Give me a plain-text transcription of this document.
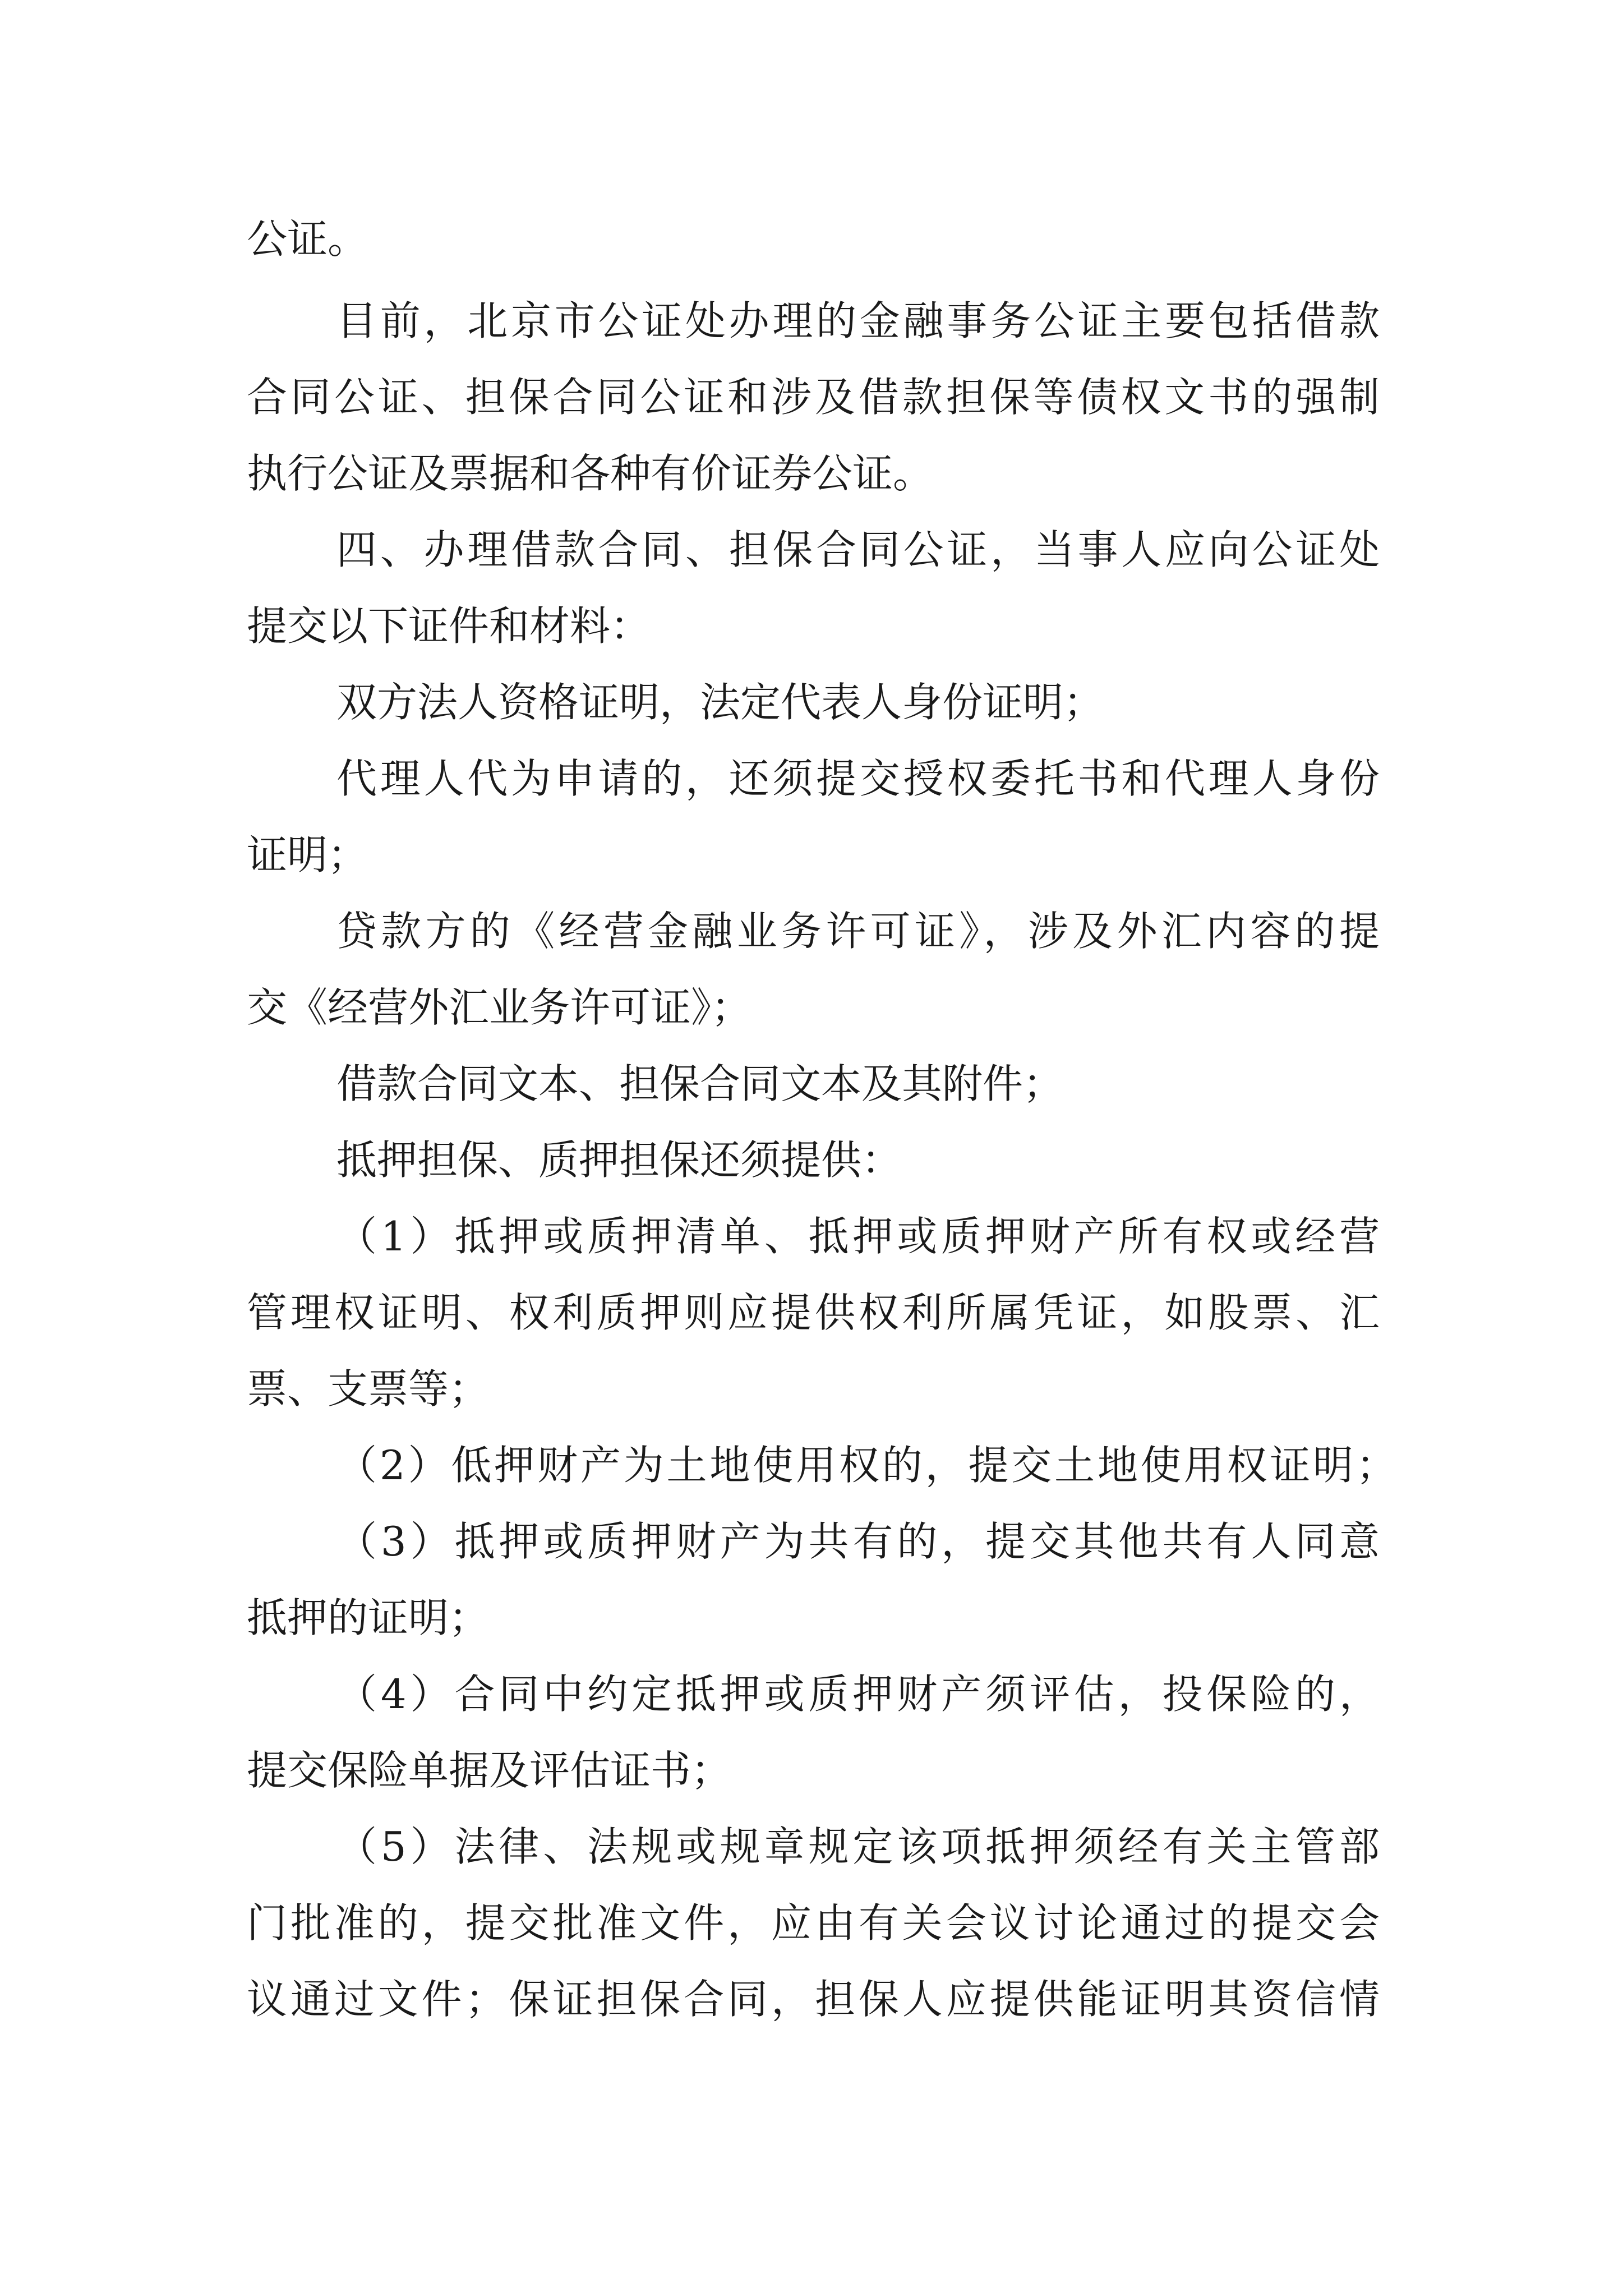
公证。

目前，北京市公证处办理的金融事务公证主要包括借款

合同公证、担保合同公证和涉及借款担保等债权文书的强制

执行公证及票据和各种有价证券公证。

四、办理借款合同、担保合同公证，当事人应向公证处

提交以下证件和材料：

双方法人资格证明，法定代表人身份证明；

代理人代为申请的，还须提交授权委托书和代理人身份

证明；

贷款方的《经营金融业务许可证》，涉及外汇内容的提

交《经营外汇业务许可证》；

借款合同文本、担保合同文本及其附件；

抵押担保、质押担保还须提供：

（1）抵押或质押清单、抵押或质押财产所有权或经营

管理权证明、权利质押则应提供权利所属凭证，如股票、汇

票、支票等；

（2）低押财产为土地使用权的，提交土地使用权证明；

（3）抵押或质押财产为共有的，提交其他共有人同意

抵押的证明；

（4）合同中约定抵押或质押财产须评估，投保险的，

提交保险单据及评估证书；

（5）法律、法规或规章规定该项抵押须经有关主管部

门批准的，提交批准文件，应由有关会议讨论通过的提交会

议通过文件；保证担保合同，担保人应提供能证明其资信情
